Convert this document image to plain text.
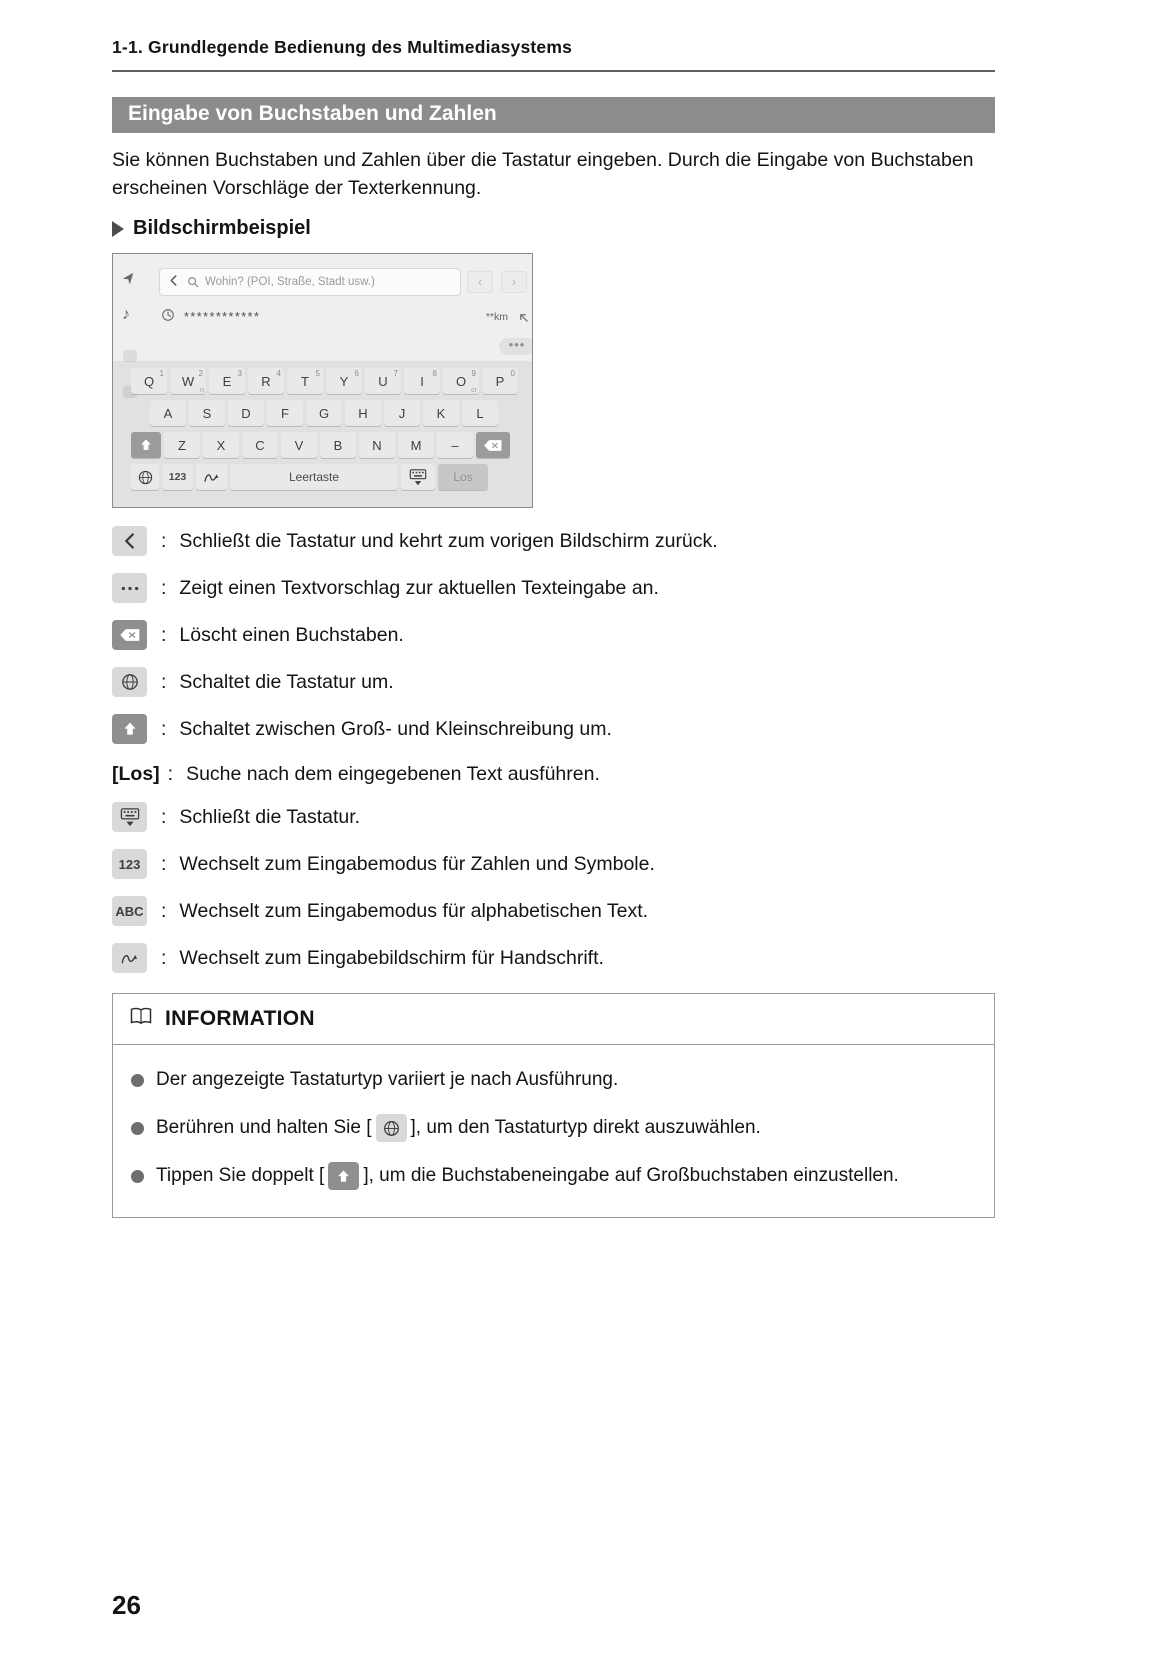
1-1. Grundlegende Bedienung des Multimediasystems
Eingabe von Buchstaben und Zahlen
Sie können Buchstaben und Zahlen über die Tastatur eingeben. Durch die Eingabe von Buchstaben erscheinen Vorschläge der Texterkennung.
Bildschirmbeispiel
♪
Wohin? (POI, Straße, Stadt usw.)	‹	›
************	**km
•••
Q 1 W 2
n
E 3 R 4 T 5 Y 6 U 7 I 8 O 9
cr
P 0
A S D F G H J K L
Z X C V B N M –
123	Leertaste	Los
: Schließt die Tastatur und kehrt zum vorigen Bildschirm zurück.
: Zeigt einen Textvorschlag zur aktuellen Texteingabe an.
: Löscht einen Buchstaben.
: Schaltet die Tastatur um.
: Schaltet zwischen Groß- und Kleinschreibung um.
[Los] : Suche nach dem eingegebenen Text ausführen.
: Schließt die Tastatur.
123	: Wechselt zum Eingabemodus für Zahlen und Symbole.
ABC : Wechselt zum Eingabemodus für alphabetischen Text.
: Wechselt zum Eingabebildschirm für Handschrift.
INFORMATION
Der angezeigte Tastaturtyp variiert je nach Ausführung.
Berühren und halten Sie [ ], um den Tastaturtyp direkt auszuwählen.
Tippen Sie doppelt [ ], um die Buchstabeneingabe auf Großbuchstaben einzustellen.
26
